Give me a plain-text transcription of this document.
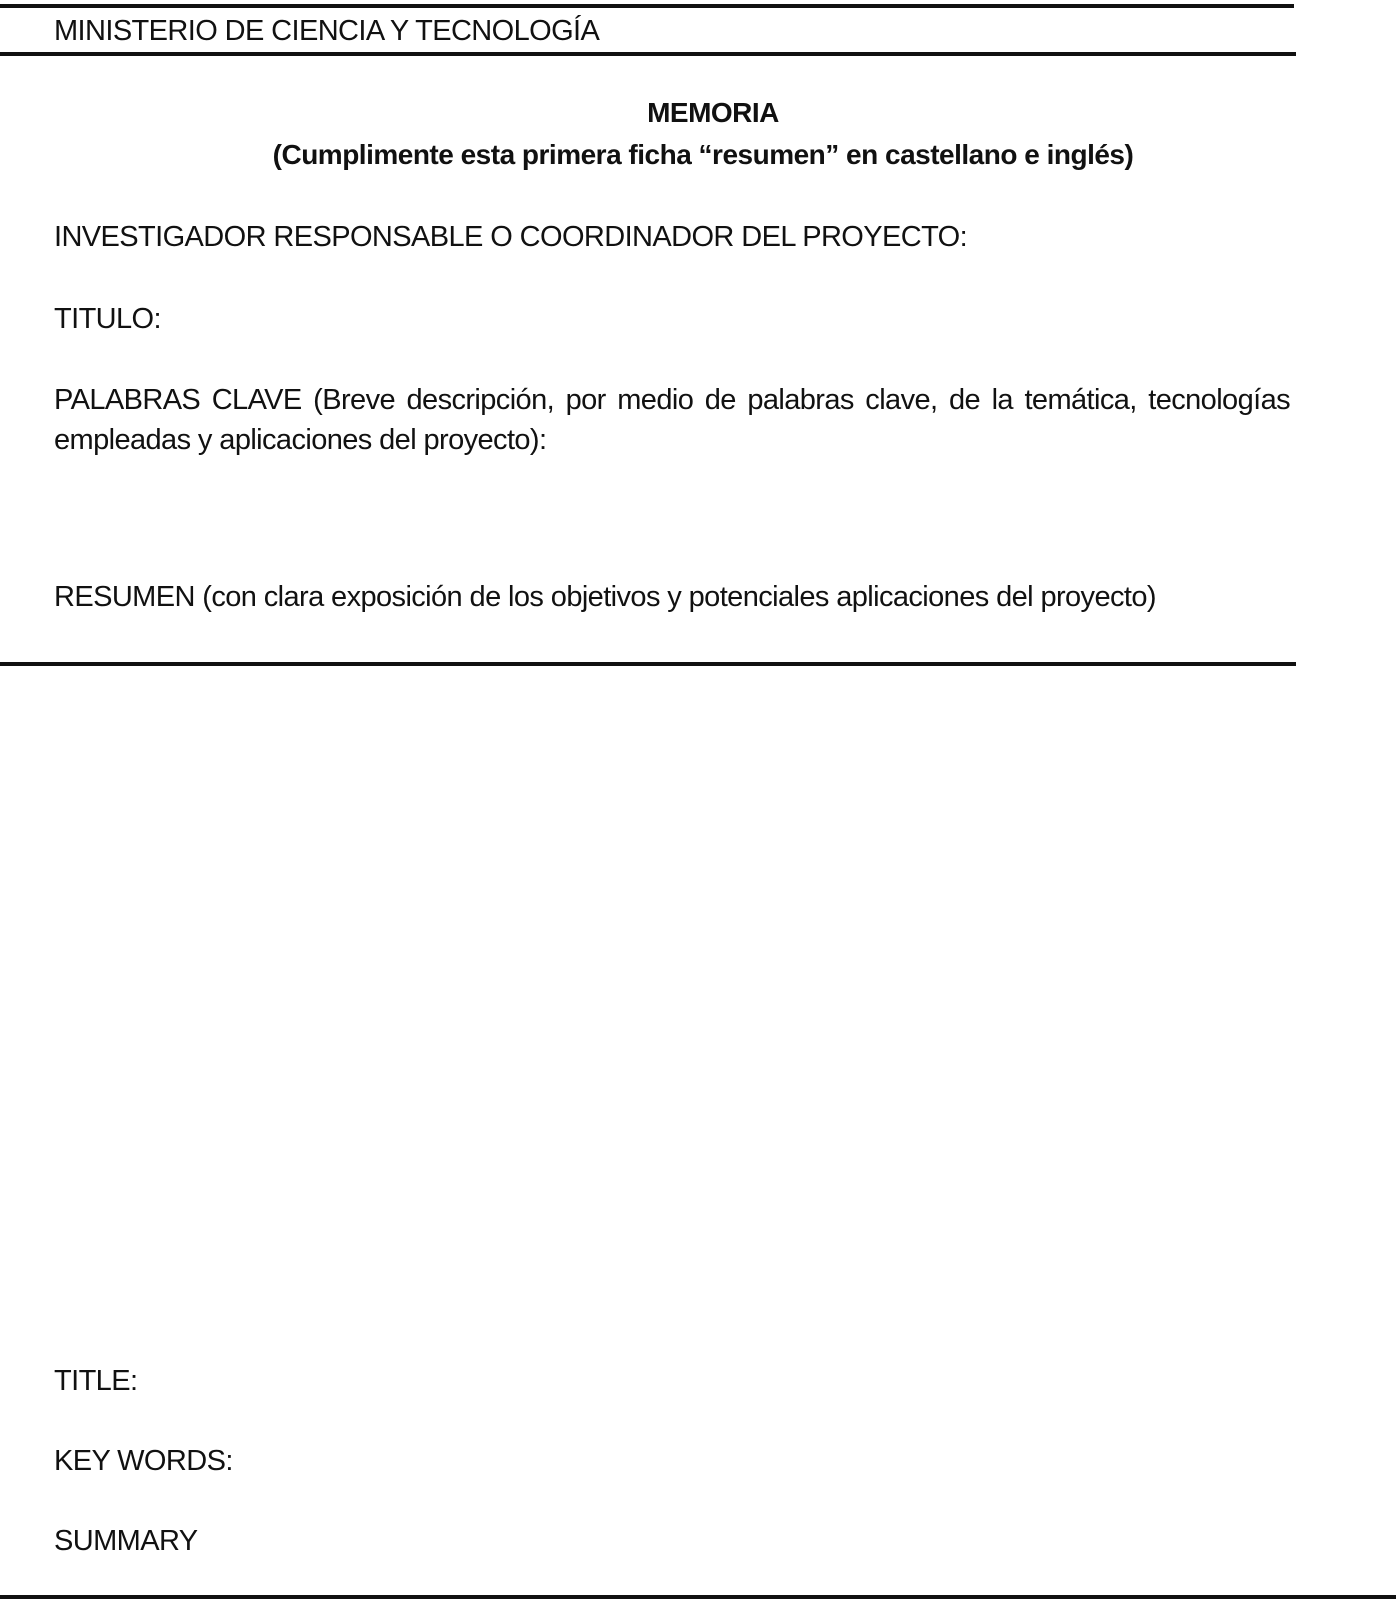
MINISTERIO DE CIENCIA Y TECNOLOGÍA
MEMORIA
(Cumplimente esta primera ficha “resumen” en castellano e inglés)
INVESTIGADOR RESPONSABLE O COORDINADOR DEL PROYECTO:
TITULO:
PALABRAS CLAVE (Breve descripción, por medio de palabras clave, de la temática, tecnologías empleadas y aplicaciones del proyecto):
RESUMEN (con clara exposición de los objetivos y potenciales aplicaciones del proyecto)
TITLE:
KEY WORDS:
SUMMARY
